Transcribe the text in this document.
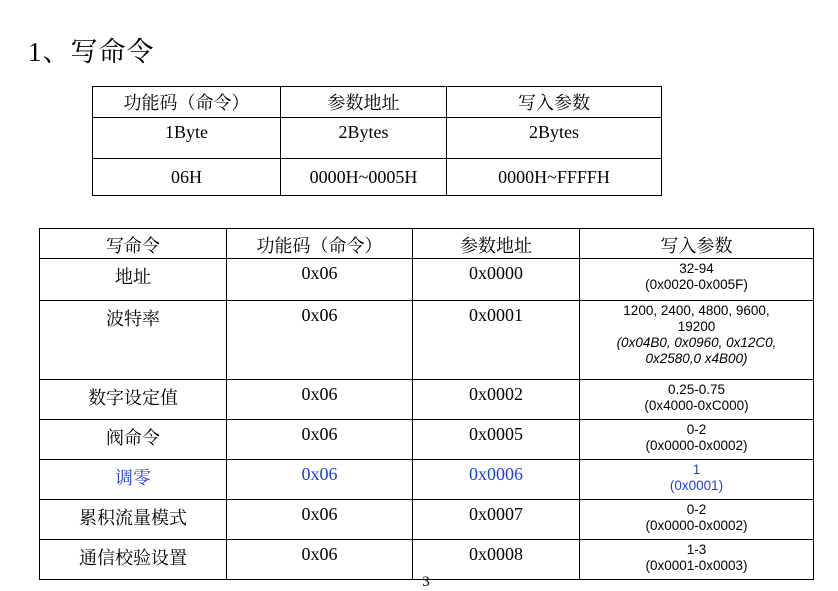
1、写命令
功能码（命令）	参数地址	写入参数
1Byte	2Bytes	2Bytes
06H	0000H~0005H	0000H~FFFFH
写命令	功能码（命令）	参数地址	写入参数
地址	0x06	0x0000	32-94
(0x0020-0x005F)

波特率	0x06	0x0001	1200, 2400, 4800, 9600,
19200
(0x04B0, 0x0960, 0x12C0,
0x2580,0 x4B00)

数字设定值	0x06	0x0002	0.25-0.75
(0x4000-0xC000)

阀命令	0x06	0x0005	0-2
(0x0000-0x0002)

调零	0x06	0x0006	1
(0x0001)

累积流量模式	0x06	0x0007	0-2
(0x0000-0x0002)

通信校验设置	0x06	0x0008	1-3
(0x0001-0x0003)
3
